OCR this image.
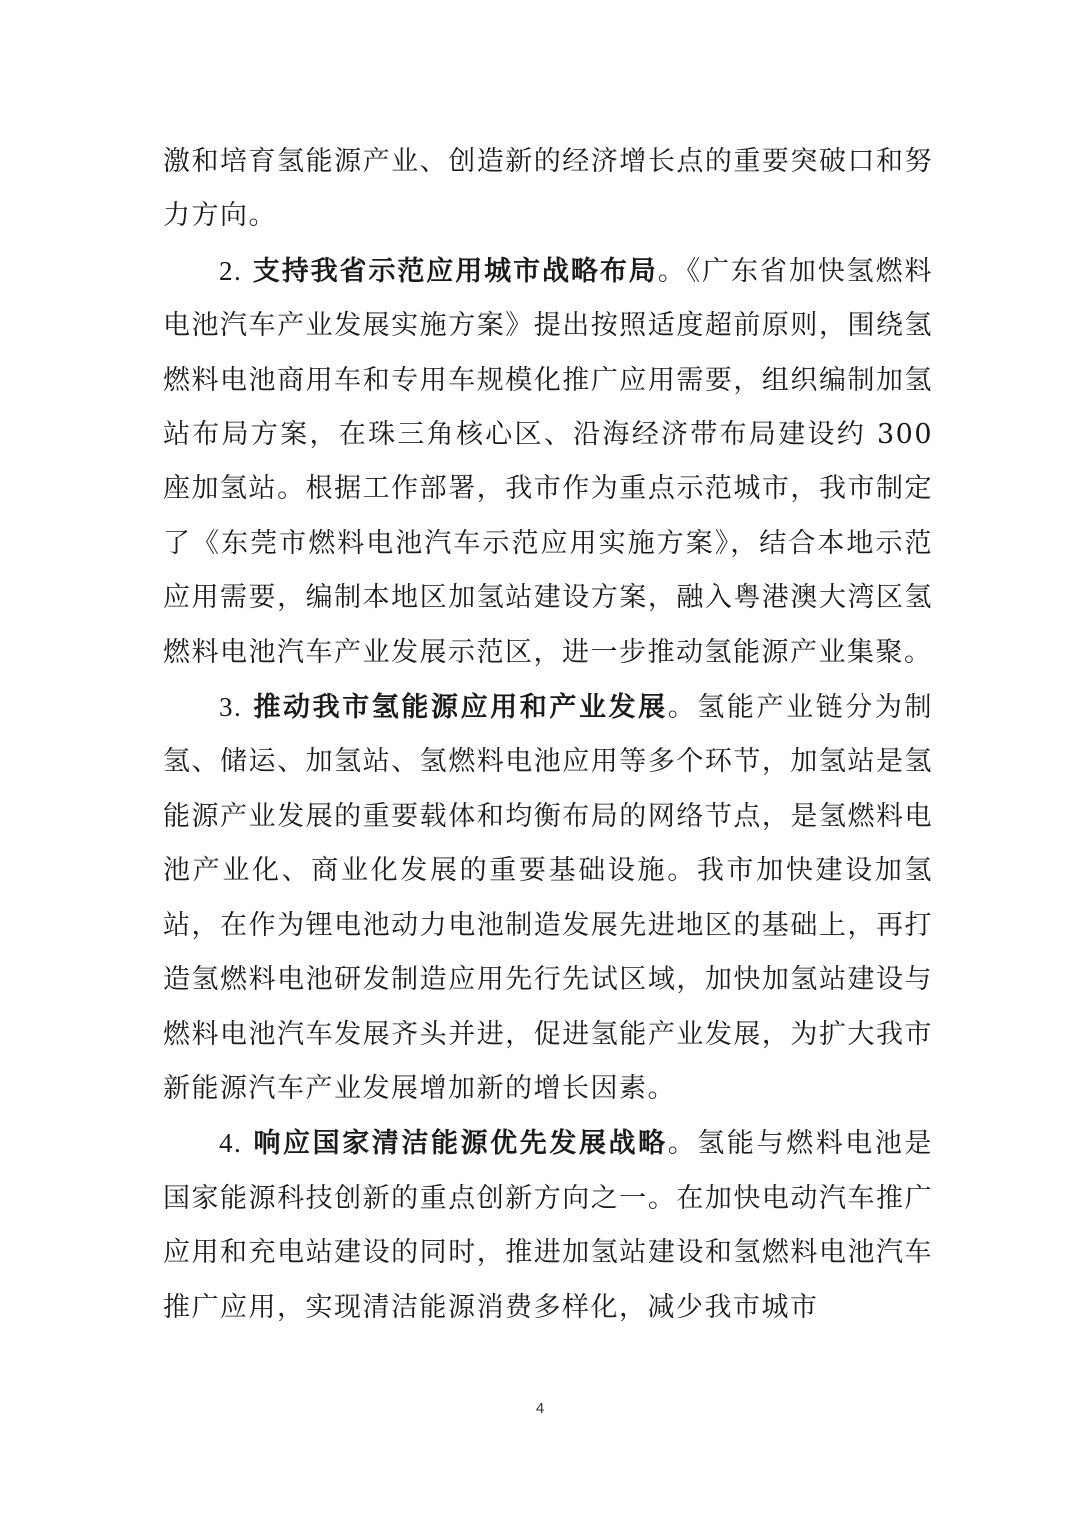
激和培育氢能源产业、创造新的经济增长点的重要突破口和努力方向。

2. 支持我省示范应用城市战略布局。《广东省加快氢燃料电池汽车产业发展实施方案》提出按照适度超前原则，围绕氢燃料电池商用车和专用车规模化推广应用需要，组织编制加氢站布局方案，在珠三角核心区、沿海经济带布局建设约 300 座加氢站。根据工作部署，我市作为重点示范城市，我市制定了《东莞市燃料电池汽车示范应用实施方案》，结合本地示范应用需要，编制本地区加氢站建设方案，融入粤港澳大湾区氢燃料电池汽车产业发展示范区，进一步推动氢能源产业集聚。

3. 推动我市氢能源应用和产业发展。氢能产业链分为制氢、储运、加氢站、氢燃料电池应用等多个环节，加氢站是氢能源产业发展的重要载体和均衡布局的网络节点，是氢燃料电池产业化、商业化发展的重要基础设施。我市加快建设加氢站，在作为锂电池动力电池制造发展先进地区的基础上，再打造氢燃料电池研发制造应用先行先试区域，加快加氢站建设与燃料电池汽车发展齐头并进，促进氢能产业发展，为扩大我市新能源汽车产业发展增加新的增长因素。

4. 响应国家清洁能源优先发展战略。氢能与燃料电池是国家能源科技创新的重点创新方向之一。在加快电动汽车推广应用和充电站建设的同时，推进加氢站建设和氢燃料电池汽车推广应用，实现清洁能源消费多样化，减少我市城市

4
